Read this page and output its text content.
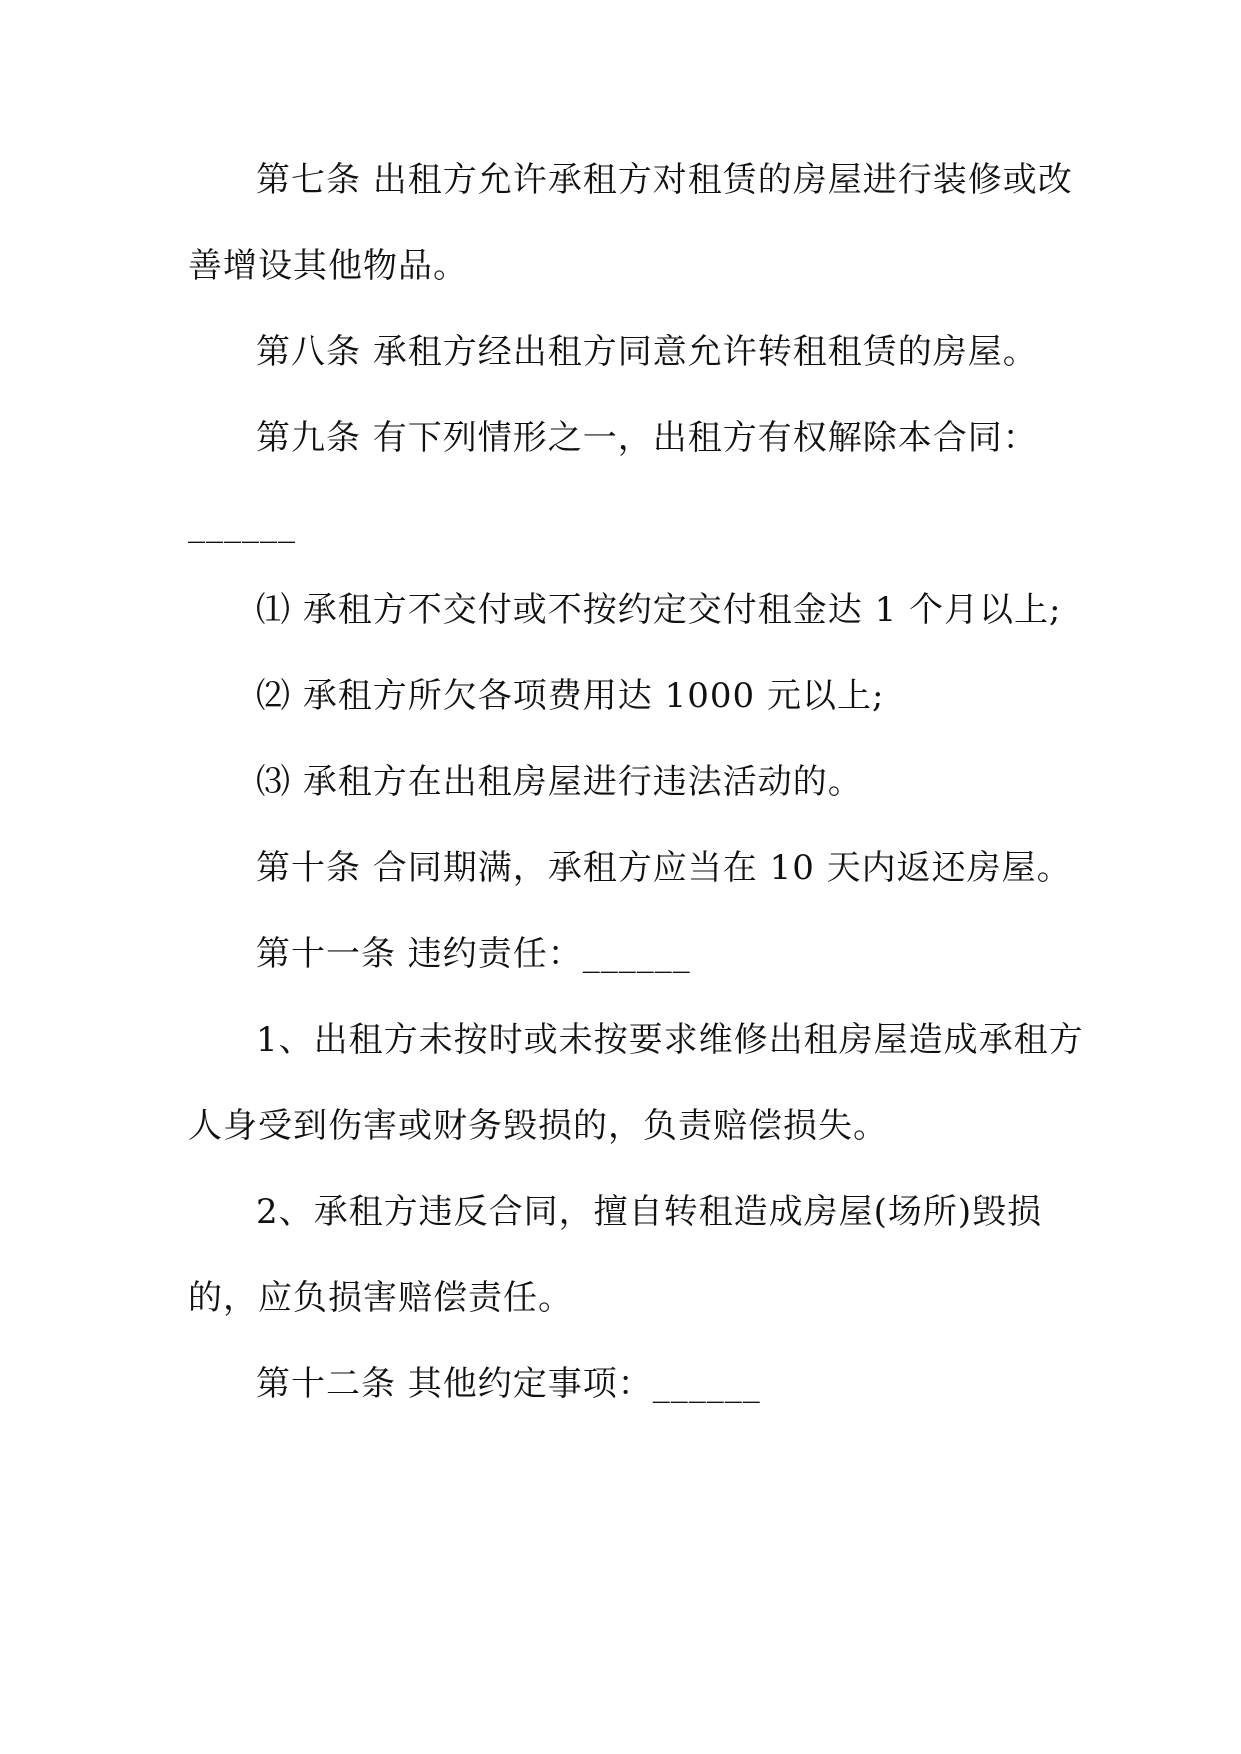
第七条 出租方允许承租方对租赁的房屋进行装修或改
善增设其他物品。
第八条 承租方经出租方同意允许转租租赁的房屋。
第九条 有下列情形之一，出租方有权解除本合同：
______
⑴ 承租方不交付或不按约定交付租金达 1 个月以上;
⑵ 承租方所欠各项费用达 1000 元以上;
⑶ 承租方在出租房屋进行违法活动的。
第十条 合同期满，承租方应当在 10 天内返还房屋。
第十一条 违约责任：______
1、出租方未按时或未按要求维修出租房屋造成承租方
人身受到伤害或财务毁损的，负责赔偿损失。
2、承租方违反合同，擅自转租造成房屋(场所)毁损
的，应负损害赔偿责任。
第十二条 其他约定事项：______
